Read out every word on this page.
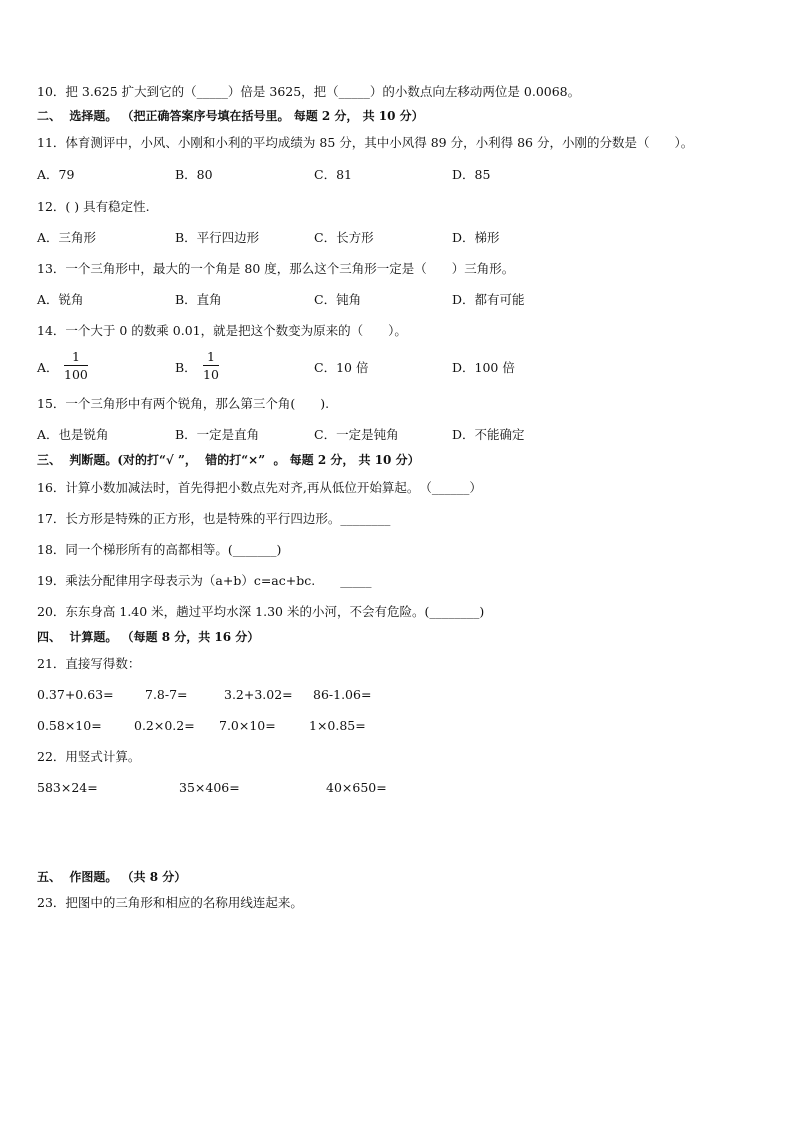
10．把 3.625 扩大到它的（_____）倍是 3625，把（_____）的小数点向左移动两位是 0.0068。
二、  选择题。 （把正确答案序号填在括号里。 每题 2 分， 共 10 分）
11．体育测评中，小风、小刚和小利的平均成绩为 85 分，其中小风得 89 分，小利得 86 分，小刚的分数是（　　）。
A．79	B．80	C．81	D．85
12．( ) 具有稳定性.
A．三角形	B．平行四边形	C．长方形	D．梯形
13．一个三角形中，最大的一个角是 80 度，那么这个三角形一定是（　　）三角形。
A．锐角	B．直角	C．钝角	D．都有可能
14．一个大于 0 的数乘 0.01，就是把这个数变为原来的（　　）。
A．
1
100	B．
1
10	C．10 倍	D．100 倍
15．一个三角形中有两个锐角，那么第三个角(　　).
A．也是锐角	B．一定是直角	C．一定是钝角	D．不能确定
三、  判断题。(对的打“√ ”，  错的打“×”  。 每题 2 分， 共 10 分）
16．计算小数加减法时，首先得把小数点先对齐,再从低位开始算起。　（______）
17．长方形是特殊的正方形，也是特殊的平行四边形。________
18．同一个梯形所有的高都相等。(_______)
19．乘法分配律用字母表示为（a+b）c=ac+bc.　　_____
20．东东身高 1.40 米，趟过平均水深 1.30 米的小河，不会有危险。(________)
四、  计算题。 （每题 8 分，共 16 分）
21．直接写得数：
0.37+0.63=	7.8-7=	3.2+3.02= 86-1.06=
0.58×10=	0.2×0.2= 7.0×10=	1×0.85=
22．用竖式计算。
583×24=	35×406=	40×650=
五、  作图题。 （共 8 分）
23．把图中的三角形和相应的名称用线连起来。
